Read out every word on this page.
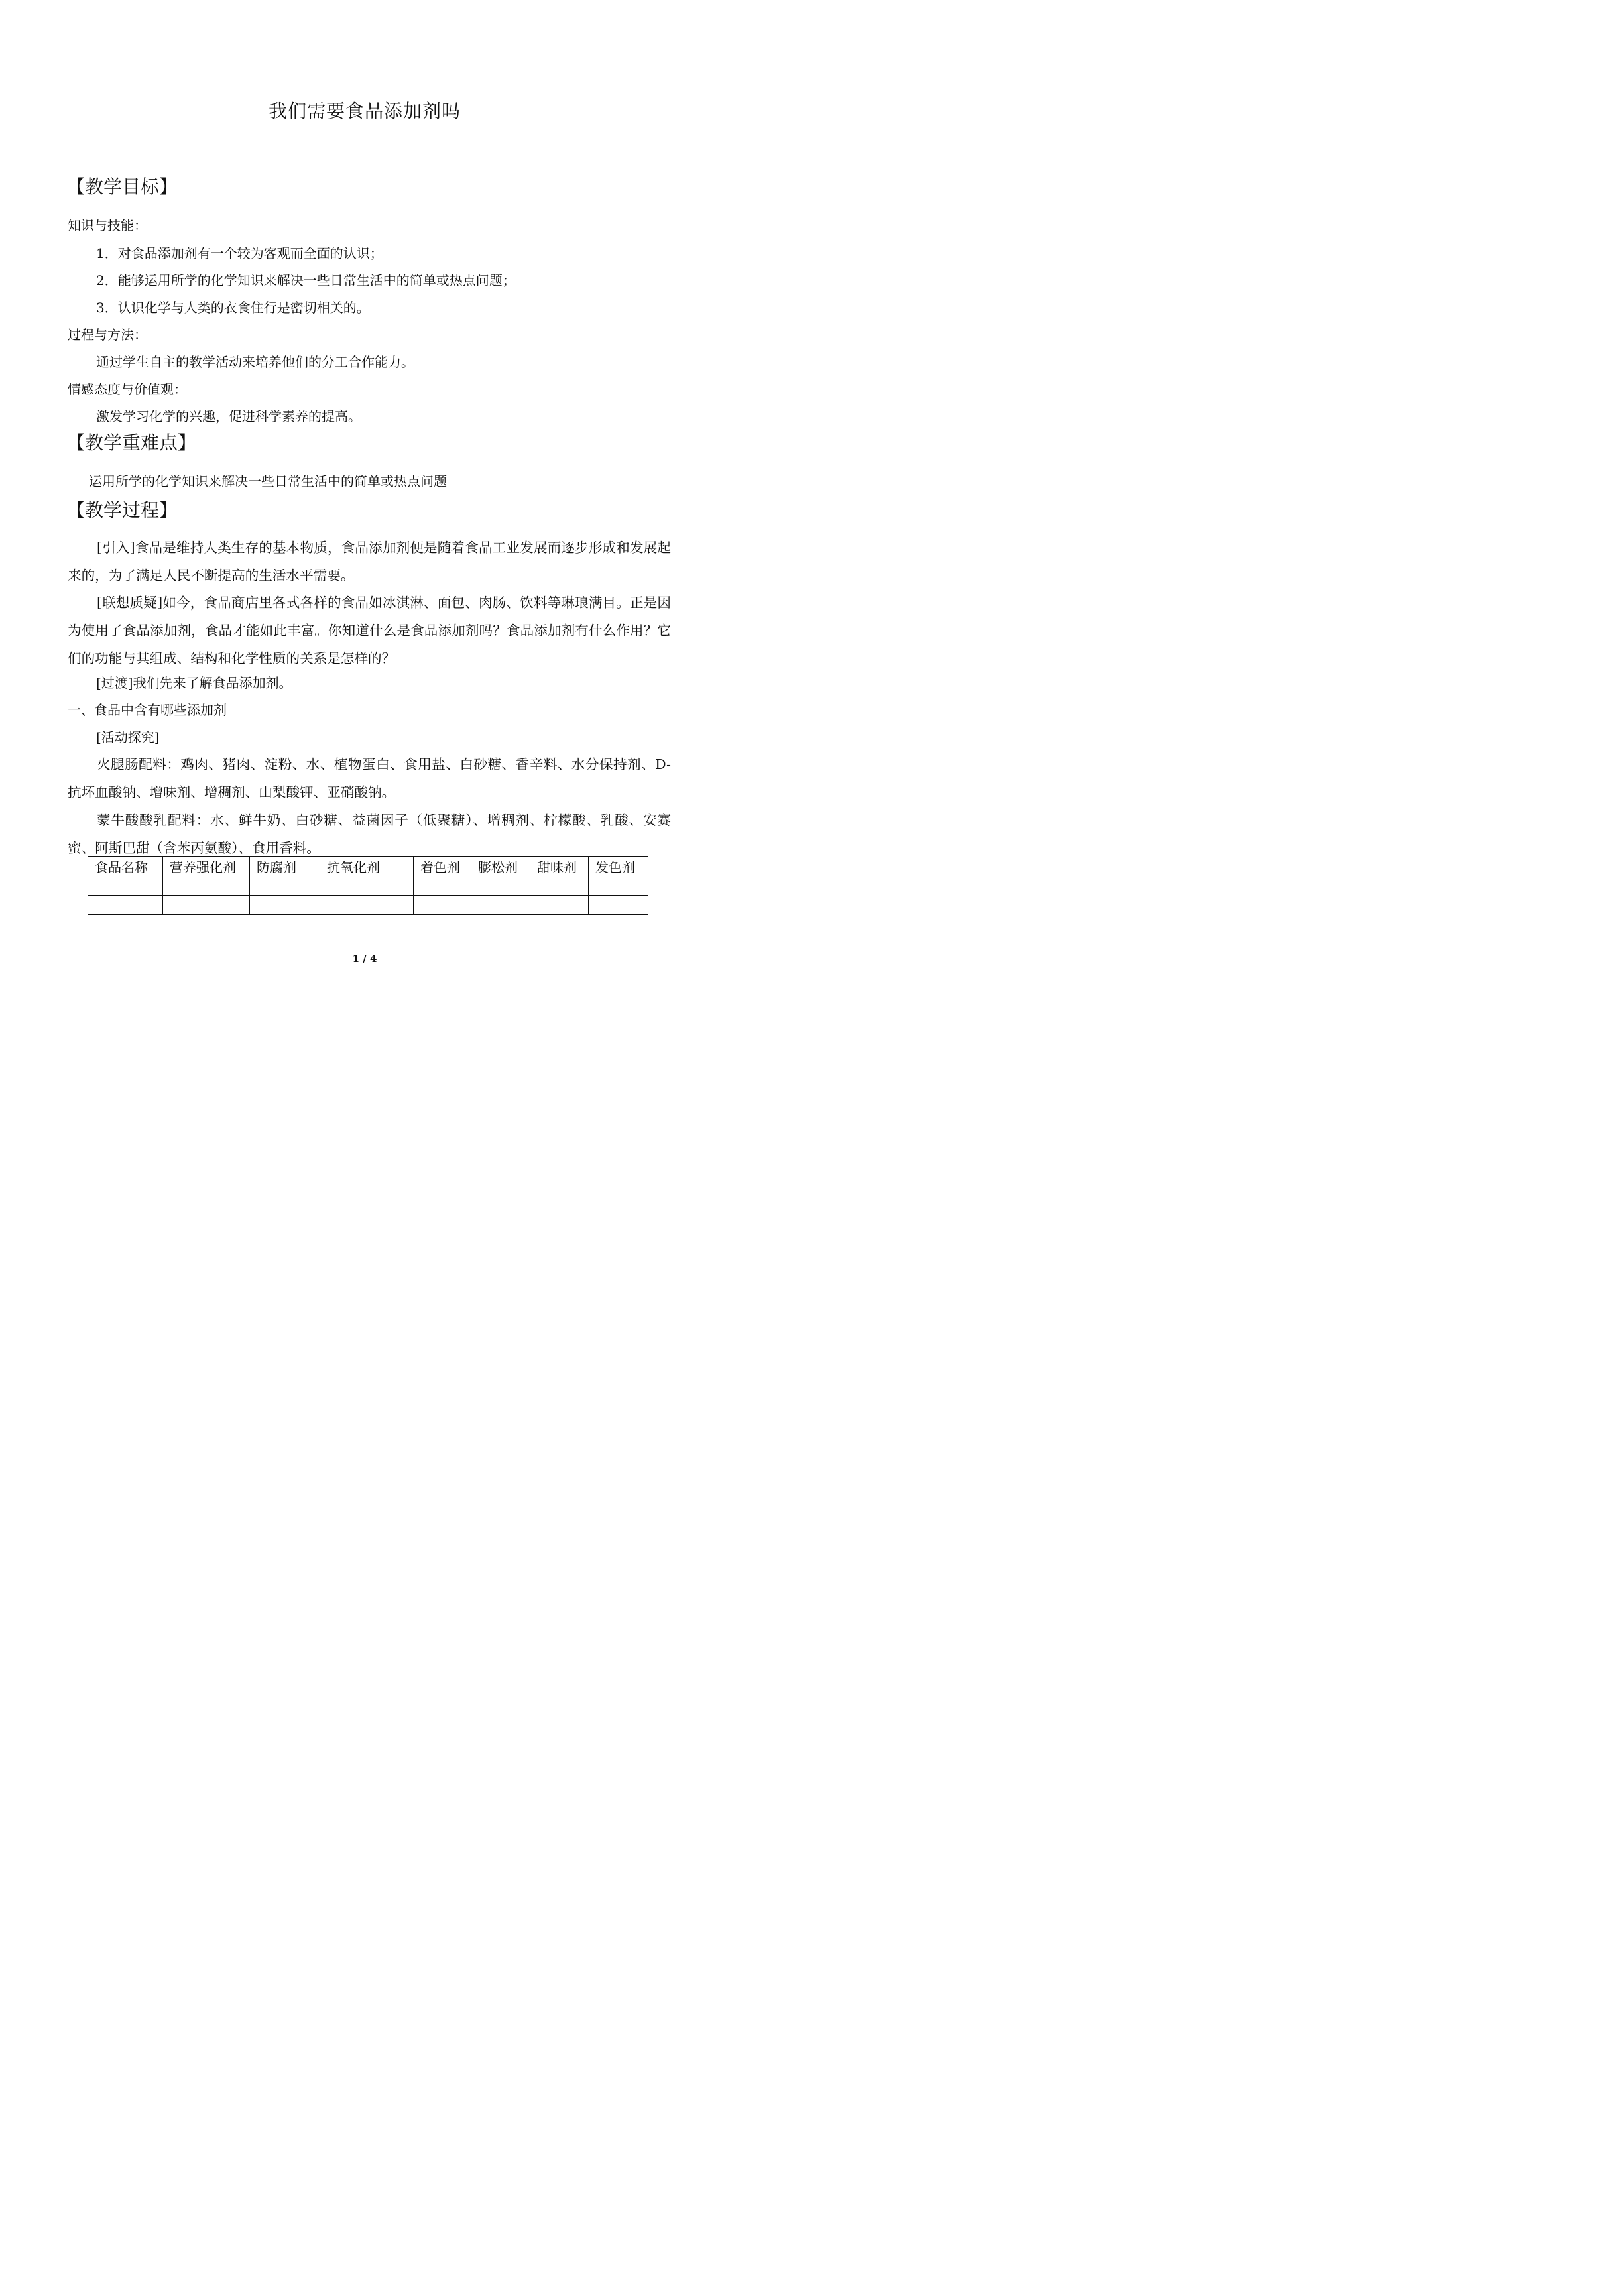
我们需要食品添加剂吗
【教学目标】
知识与技能：
1．对食品添加剂有一个较为客观而全面的认识；
2．能够运用所学的化学知识来解决一些日常生活中的简单或热点问题；
3．认识化学与人类的衣食住行是密切相关的。
过程与方法：
通过学生自主的教学活动来培养他们的分工合作能力。
情感态度与价值观：
激发学习化学的兴趣，促进科学素养的提高。
【教学重难点】
运用所学的化学知识来解决一些日常生活中的简单或热点问题
【教学过程】
[引入]食品是维持人类生存的基本物质，食品添加剂便是随着食品工业发展而逐步形成和发展起来的，为了满足人民不断提高的生活水平需要。
[联想质疑]如今，食品商店里各式各样的食品如冰淇淋、面包、肉肠、饮料等琳琅满目。正是因为使用了食品添加剂，食品才能如此丰富。你知道什么是食品添加剂吗？食品添加剂有什么作用？它们的功能与其组成、结构和化学性质的关系是怎样的？
[过渡]我们先来了解食品添加剂。
一、食品中含有哪些添加剂
[活动探究]
火腿肠配料：鸡肉、猪肉、淀粉、水、植物蛋白、食用盐、白砂糖、香辛料、水分保持剂、D-抗坏血酸钠、增味剂、增稠剂、山梨酸钾、亚硝酸钠。
蒙牛酸酸乳配料：水、鲜牛奶、白砂糖、益菌因子（低聚糖）、增稠剂、柠檬酸、乳酸、安赛蜜、阿斯巴甜（含苯丙氨酸）、食用香料。
食品名称	营养强化剂	防腐剂	抗氧化剂	着色剂	膨松剂	甜味剂	发色剂

1 / 4
